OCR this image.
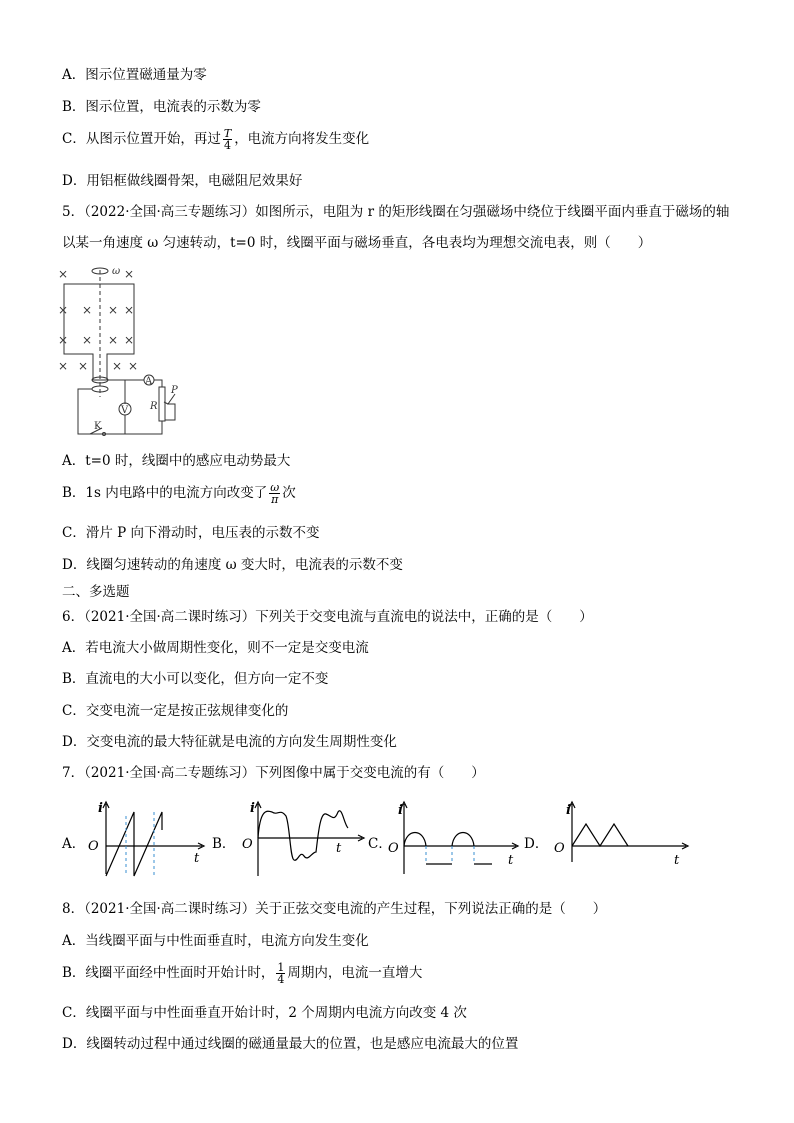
A．图示位置磁通量为零
B．图示位置，电流表的示数为零
C．从图示位置开始，再过 $\frac{T}{4}$ ，电流方向将发生变化
D．用铝框做线圈骨架，电磁阻尼效果好
5．（2022·全国·高三专题练习）如图所示，电阻为 r 的矩形线圈在匀强磁场中绕位于线圈平面内垂直于磁场的轴
以某一角速度 ω 匀速转动，t=0 时，线圈平面与磁场垂直，各电表均为理想交流电表，则（　　）
×	×
× × × ×
× ×
×	×
× × × ×
ω
A
V R
P
K
A．t=0 时，线圈中的感应电动势最大
B．1s 内电路中的电流方向改变了 $\frac{\omega}{\pi}$ 次
C．滑片 P 向下滑动时，电压表的示数不变
D．线圈匀速转动的角速度 ω 变大时，电流表的示数不变
二、多选题
6．（2021·全国·高二课时练习）下列关于交变电流与直流电的说法中，正确的是（　　）
A．若电流大小做周期性变化，则不一定是交变电流
B．直流电的大小可以变化，但方向一定不变
C．交变电流一定是按正弦规律变化的
D．交变电流的最大特征就是电流的方向发生周期性变化
7．（2021·全国·高二专题练习）下列图像中属于交变电流的有（　　）
A．
i
O
t
B．
i
O	t C．
i
O
t
D．
i
O
t
8．（2021·全国·高二课时练习）关于正弦交变电流的产生过程，下列说法正确的是（　　）
A．当线圈平面与中性面垂直时，电流方向发生变化
B．线圈平面经中性面时开始计时， $\frac{1}{4}$ 周期内，电流一直增大
C．线圈平面与中性面垂直开始计时，2 个周期内电流方向改变 4 次
D．线圈转动过程中通过线圈的磁通量最大的位置，也是感应电流最大的位置
